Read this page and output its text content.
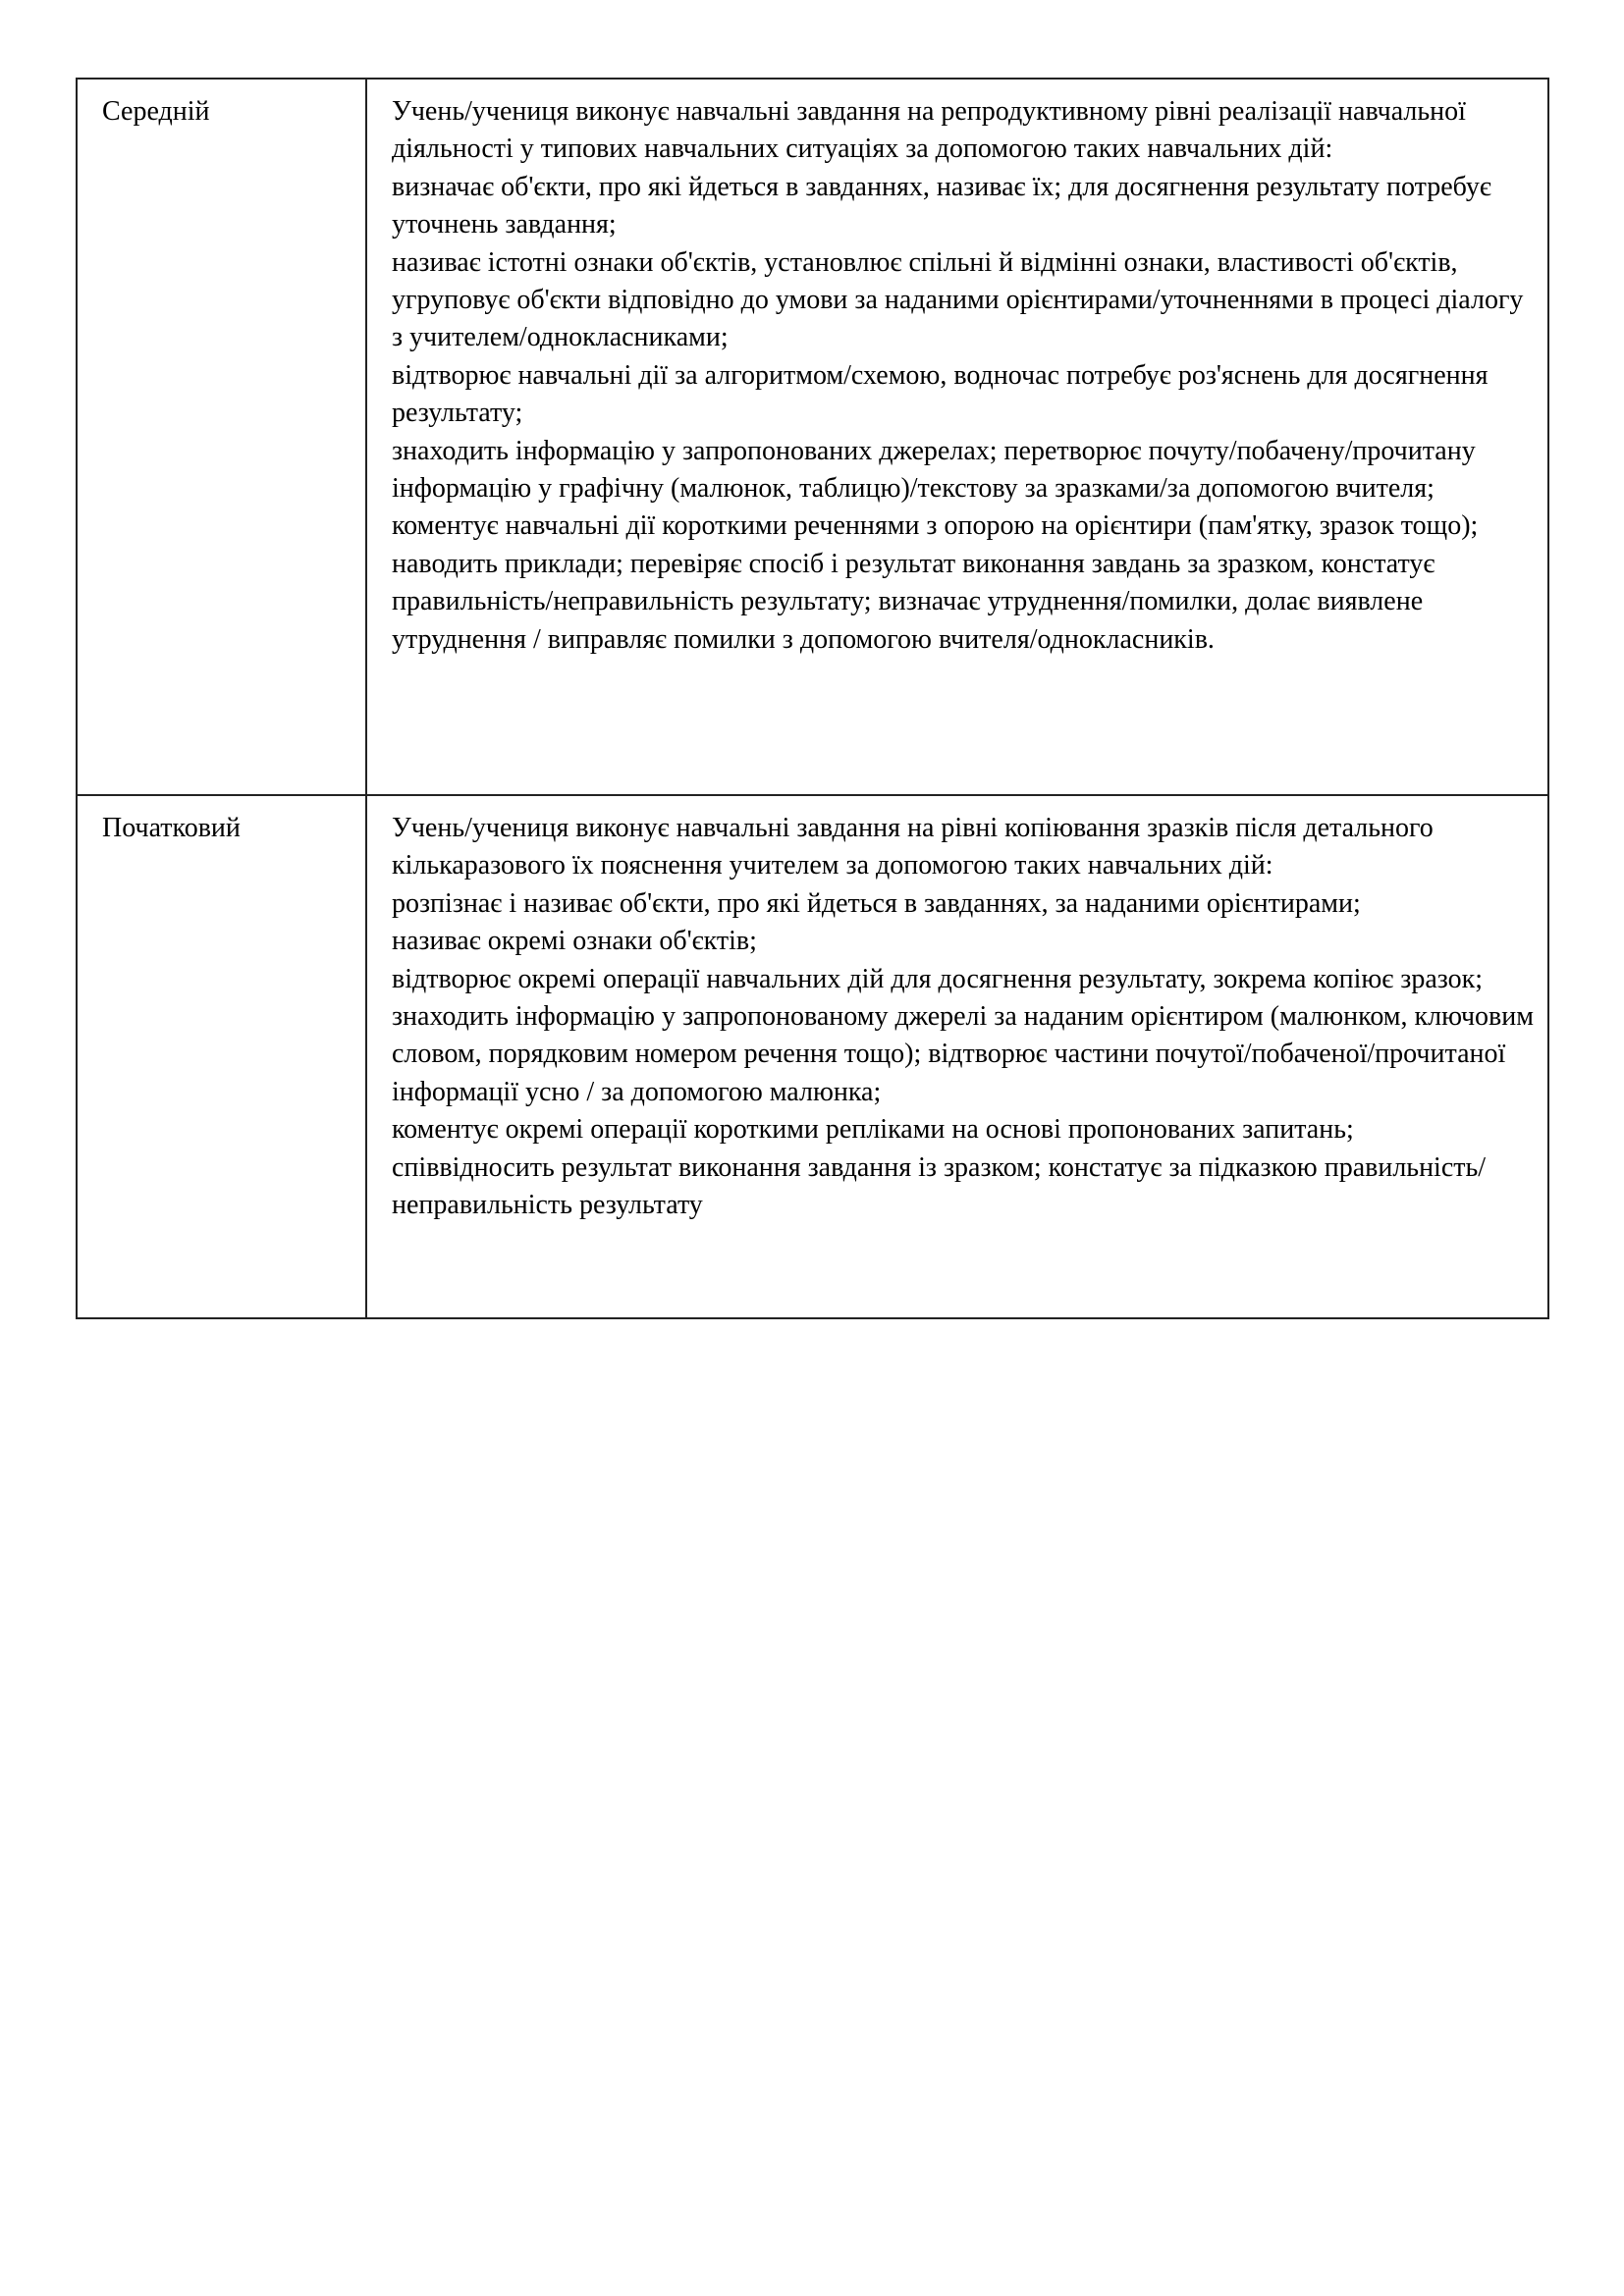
Середній	Учень/учениця виконує навчальні завдання на репродуктивному рівні реалізації навчальної діяльності у типових навчальних ситуаціях за допомогою таких навчальних дій:
визначає об'єкти, про які йдеться в завданнях, називає їх; для досягнення результату потребує уточнень завдання;
називає істотні ознаки об'єктів, установлює спільні й відмінні ознаки, властивості об'єктів, угруповує об'єкти відповідно до умови за наданими орієнтирами/уточненнями в процесі діалогу з учителем/однокласниками;
відтворює навчальні дії за алгоритмом/схемою, водночас потребує роз'яснень для досягнення результату;
знаходить інформацію у запропонованих джерелах; перетворює почуту/побачену/прочитану інформацію у графічну (малюнок, таблицю)/текстову за зразками/за допомогою вчителя;
коментує навчальні дії короткими реченнями з опорою на орієнтири (пам'ятку, зразок тощо); наводить приклади; перевіряє спосіб і результат виконання завдань за зразком, констатує правильність/неправильність результату; визначає утруднення/помилки, долає виявлене утруднення / виправляє помилки з допомогою вчителя/однокласників.

Початковий	Учень/учениця виконує навчальні завдання на рівні копіювання зразків після детального кількаразового їх пояснення учителем за допомогою таких навчальних дій:
розпізнає і називає об'єкти, про які йдеться в завданнях, за наданими орієнтирами;
називає окремі ознаки об'єктів;
відтворює окремі операції навчальних дій для досягнення результату, зокрема копіює зразок;
знаходить інформацію у запропонованому джерелі за наданим орієнтиром (малюнком, ключовим словом, порядковим номером речення тощо); відтворює частини почутої/побаченої/прочитаної інформації усно / за допомогою малюнка;
коментує окремі операції короткими репліками на основі пропонованих запитань;
співвідносить результат виконання завдання із зразком; констатує за підказкою правильність/неправильність результату
